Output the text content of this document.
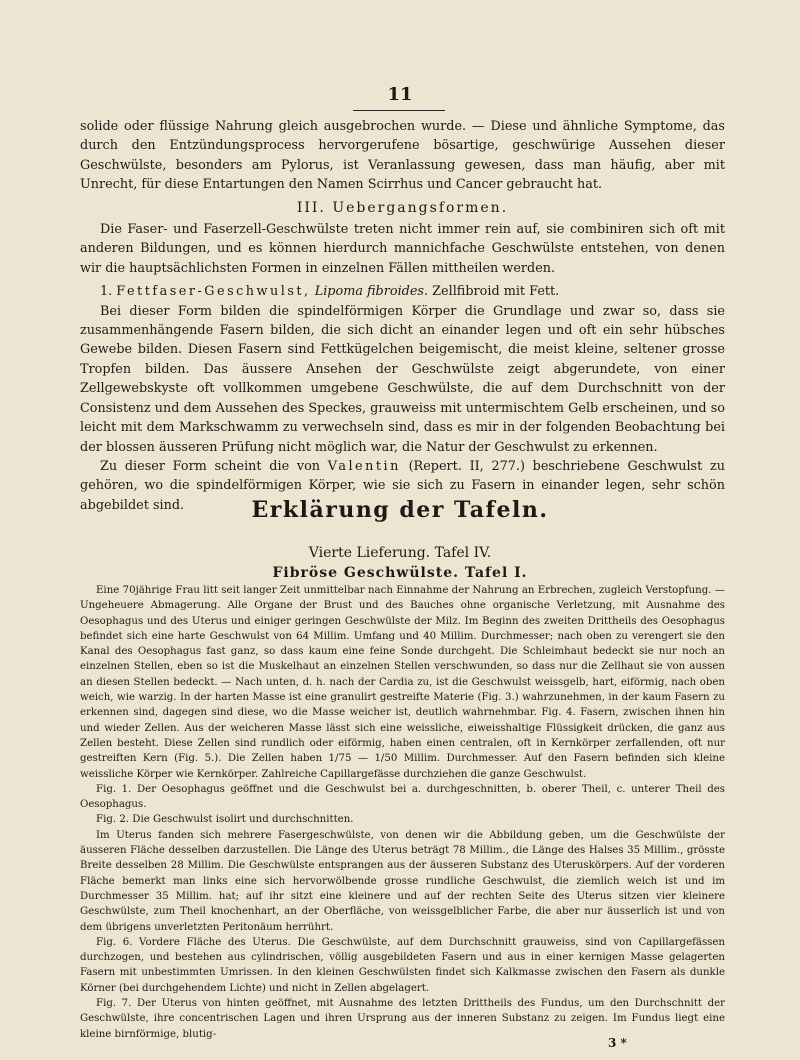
11

solide oder flüssige Nahrung gleich ausgebrochen wurde. — Diese und ähnliche Symptome, das durch den Entzündungsprocess hervorgerufene bösartige, geschwürige Aussehen dieser Geschwülste, besonders am Pylorus, ist Veranlassung gewesen, dass man häufig, aber mit Unrecht, für diese Entartungen den Namen Scirrhus und Cancer gebraucht hat.

III. Uebergangsformen.

Die Faser- und Faserzell-Geschwülste treten nicht immer rein auf, sie combiniren sich oft mit anderen Bildungen, und es können hierdurch mannichfache Geschwülste entstehen, von denen wir die hauptsächlichsten Formen in einzelnen Fällen mittheilen werden.

1. Fettfaser-Geschwulst, Lipoma fibroides. Zellfibroid mit Fett.

Bei dieser Form bilden die spindelförmigen Körper die Grundlage und zwar so, dass sie zusammenhängende Fasern bilden, die sich dicht an einander legen und oft ein sehr hübsches Gewebe bilden. Diesen Fasern sind Fettkügelchen beigemischt, die meist kleine, seltener grosse Tropfen bilden. Das äussere Ansehen der Geschwülste zeigt abgerundete, von einer Zellgewebskyste oft vollkommen umgebene Geschwülste, die auf dem Durchschnitt von der Consistenz und dem Aussehen des Speckes, grauweiss mit untermischtem Gelb erscheinen, und so leicht mit dem Markschwamm zu verwechseln sind, dass es mir in der folgenden Beobachtung bei der blossen äusseren Prüfung nicht möglich war, die Natur der Geschwulst zu erkennen.

Zu dieser Form scheint die von Valentin (Repert. II, 277.) beschriebene Geschwulst zu gehören, wo die spindelförmigen Körper, wie sie sich zu Fasern in einander legen, sehr schön abgebildet sind.	Erklärung der Tafeln.
Vierte Lieferung. Tafel IV.
Fibröse Geschwülste. Tafel I.

Eine 70jährige Frau litt seit langer Zeit unmittelbar nach Einnahme der Nahrung an Erbrechen, zugleich Verstopfung. — Ungeheuere Abmagerung. Alle Organe der Brust und des Bauches ohne organische Verletzung, mit Ausnahme des Oesophagus und des Uterus und einiger geringen Geschwülste der Milz. Im Beginn des zweiten Drittheils des Oesophagus befindet sich eine harte Geschwulst von 64 Millim. Umfang und 40 Millim. Durchmesser; nach oben zu verengert sie den Kanal des Oesophagus fast ganz, so dass kaum eine feine Sonde durchgeht. Die Schleimhaut bedeckt sie nur noch an einzelnen Stellen, eben so ist die Muskelhaut an einzelnen Stellen verschwunden, so dass nur die Zellhaut sie von aussen an diesen Stellen bedeckt. — Nach unten, d. h. nach der Cardia zu, ist die Geschwulst weissgelb, hart, eiförmig, nach oben weich, wie warzig. In der harten Masse ist eine granulirt gestreifte Materie (Fig. 3.) wahrzunehmen, in der kaum Fasern zu erkennen sind, dagegen sind diese, wo die Masse weicher ist, deutlich wahrnehmbar. Fig. 4. Fasern, zwischen ihnen hin und wieder Zellen. Aus der weicheren Masse lässt sich eine weissliche, eiweisshaltige Flüssigkeit drücken, die ganz aus Zellen besteht. Diese Zellen sind rundlich oder eiförmig, haben einen centralen, oft in Kernkörper zerfallenden, oft nur gestreiften Kern (Fig. 5.). Die Zellen haben 1/75 — 1/50 Millim. Durchmesser. Auf den Fasern befinden sich kleine weissliche Körper wie Kernkörper. Zahlreiche Capillargefässe durchziehen die ganze Geschwulst.

Fig. 1. Der Oesophagus geöffnet und die Geschwulst bei a. durchgeschnitten, b. oberer Theil, c. unterer Theil des Oesophagus.

Fig. 2. Die Geschwulst isolirt und durchschnitten.

Im Uterus fanden sich mehrere Fasergeschwülste, von denen wir die Abbildung geben, um die Geschwülste der äusseren Fläche desselben darzustellen. Die Länge des Uterus beträgt 78 Millim., die Länge des Halses 35 Millim., grösste Breite desselben 28 Millim. Die Geschwülste entsprangen aus der äusseren Substanz des Uteruskörpers. Auf der vorderen Fläche bemerkt man links eine sich hervorwölbende grosse rundliche Geschwulst, die ziemlich weich ist und im Durchmesser 35 Millim. hat; auf ihr sitzt eine kleinere und auf der rechten Seite des Uterus sitzen vier kleinere Geschwülste, zum Theil knochenhart, an der Oberfläche, von weissgelblicher Farbe, die aber nur äusserlich ist und von dem übrigens unverletzten Peritonäum herrührt.

Fig. 6. Vordere Fläche des Uterus. Die Geschwülste, auf dem Durchschnitt grauweiss, sind von Capillargefässen durchzogen, und bestehen aus cylindrischen, völlig ausgebildeten Fasern und aus in einer kernigen Masse gelagerten Fasern mit unbestimmten Umrissen. In den kleinen Geschwülsten findet sich Kalkmasse zwischen den Fasern als dunkle Körner (bei durchgehendem Lichte) und nicht in Zellen abgelagert.

Fig. 7. Der Uterus von hinten geöffnet, mit Ausnahme des letzten Drittheils des Fundus, um den Durchschnitt der Geschwülste, ihre concentrischen Lagen und ihren Ursprung aus der inneren Substanz zu zeigen. Im Fundus liegt eine kleine birnförmige, blutig-

3 *
